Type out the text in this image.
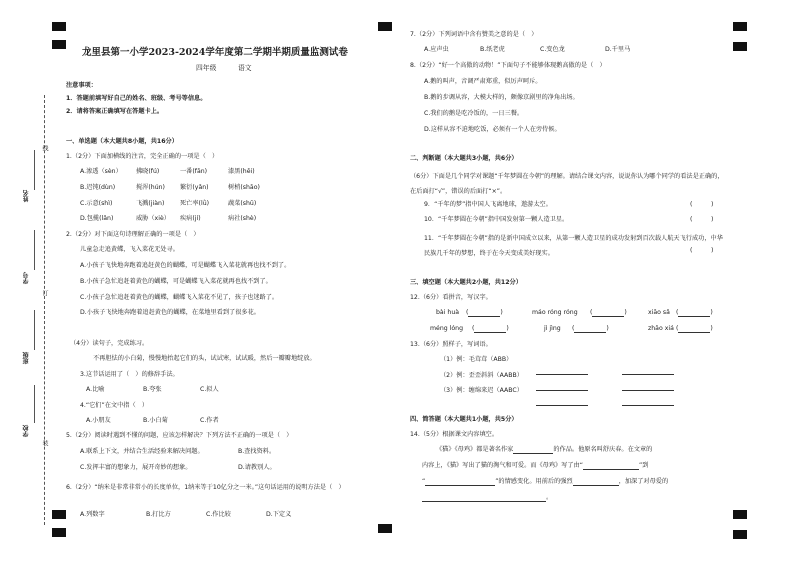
线
订
装
姓名
学号
班级
学校
龙里县第一小学2023-2024学年度第二学期半期质量监测试卷
四年级	语文
注意事项：
1．答题前填写好自己的姓名、班级、考号等信息。
2．请将答案正确填写在答题卡上。
一、单选题（本大题共8小题，共16分）
1.（2分）下面加横线的注音，完全正确的一项是（　）
A.渗透（sèn） 拂晓(fú)	一番(fān)	漆黑(hēi)
B.迟钝(dùn)	搅浑(hún) 繁衍(yǎn)	树梢(shāo)
C.示意(shì)	飞溅(jiàn)	死亡率(lǜ)	蔬菜(shū)
D.包揽(lǎn)	威胁（xiè） 疾病(jí)	病社(shè)
2.（2分）对下面这句诗理解正确的一项是（　）
儿童急走追黄蝶，飞入菜花无处寻。
A.小孩子飞快地奔跑着追赶黄色的蝴蝶，可是蝴蝶飞入菜花就再也找不到了。
B.小孩子急忙追赶着黄色的蝴蝶，可是蝴蝶飞入菜花就再也找不到了。
C.小孩子急忙追赶着黄色的蝴蝶，蝴蝶飞入菜花不见了，孩子也迷路了。
D.小孩子飞快地奔跑着追赶黄色的蝴蝶，在菜地里看到了很多花。
（4分）读句子，完成练习。
不再胆怯的小白菊，慢慢地抬起它们的头，试试寒，试试暖，然后一瓣瓣地绽放。
3.这节话运用了（　）的修辞手法。
A.比喻	B.夸张	C.拟人
4.“它们”在文中指（　）
A.小朋友	B.小白菊	C.作者
5.（2分）阅读时遇到不懂的问题，应该怎样解决？下列方法不正确的一项是（　）
A.联系上下文，并结合生活经验来解决问题。	B.查找资料。
C.发挥丰富的想象力，展开奇妙的想象。	D.请教别人。
6.（2分）“纳米是非常非常小的长度单位，1纳米等于10亿分之一米。”这句话运用的说明方法是（　）
A.列数字	B.打比方	C.作比较	D.下定义
7.（2分）下列词语中含有赞美之意的是（　）
A.应声虫	B.纸老虎	C.变色龙	D.千里马
8.（2分）“好一个高傲的动物！”下面句子不能够体现鹅高傲的是（　）
A.鹅的叫声，音调严肃郑重，似厉声呵斥。
B.鹅的步调从容，大模大样的，颇像京剧里的净角出场。
C.我们的鹅是吃冷饭的，一日三餐。
D.这样从容不迫地吃饭，必须有一个人在旁侍候。
二、判断题（本大题共3小题，共6分）
（6分）下面是几个同学对课题“千年梦圆在今朝”的理解。请结合课文内容，说说你认为哪个同学的看法是正确的，在后面打“√”，错误的后面打“×”。
9．“千年的梦”指中国人飞离地球，遨游太空。	(　　　)
10．“千年梦圆在今朝”指中国发射第一颗人造卫星。	(　　　)
11．“千年梦圆在今朝”指的是新中国成立以来，从第一颗人造卫星的成功发射到百次载人航天飞行成功，中华民族几千年的梦想，终于在今天变成美好现实。	(　　　)
三、填空题（本大题共2小题，共12分）
12.（6分）看拼音，写汉字。
bài huà (	)	máo róng róng (	)	xiāo sǎ (	)
méng lóng (	)	jì jìng (	)	zhāo xiá (	)
13.（6分）照样子，写词语。
（1）例：毛茸茸（ABB）
（2）例：歪歪斜斜（AABB）
（3）例：缠绵来迟（AABC）
四、简答题（本大题共1小题，共5分）
14.（5分）根据课文内容填空。
《猫》《母鸡》都是著名作家	的作品。他原名叫舒庆春。在文章的
内容上，《猫》写出了猫的淘气和可爱。而《母鸡》写了由“	”到
“	”的情感变化。用前后的强烈	，加深了对母爱的
。
